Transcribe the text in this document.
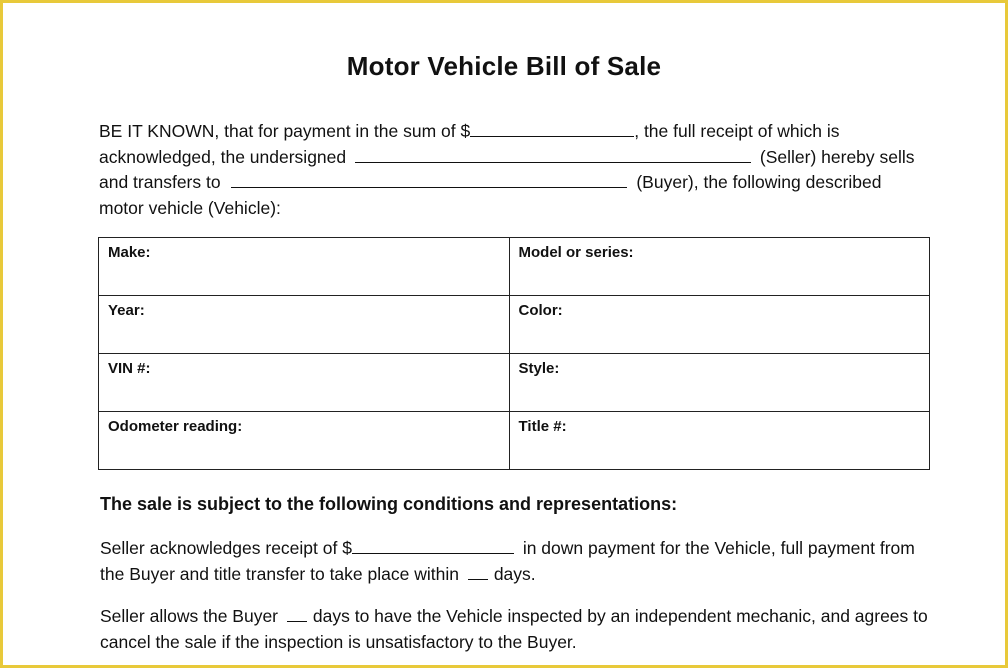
Motor Vehicle Bill of Sale
BE IT KNOWN, that for payment in the sum of $	, the full receipt of which is acknowledged, the undersigned	(Seller) hereby sells and transfers to	(Buyer), the following described motor vehicle (Vehicle):
Make:	Model or series:
Year:	Color:
VIN #:	Style:
Odometer reading:	Title #:
The sale is subject to the following conditions and representations:
Seller acknowledges receipt of $	in down payment for the Vehicle, full payment from the Buyer and title transfer to take place within days.
Seller allows the Buyer days to have the Vehicle inspected by an independent mechanic, and agrees to cancel the sale if the inspection is unsatisfactory to the Buyer.
